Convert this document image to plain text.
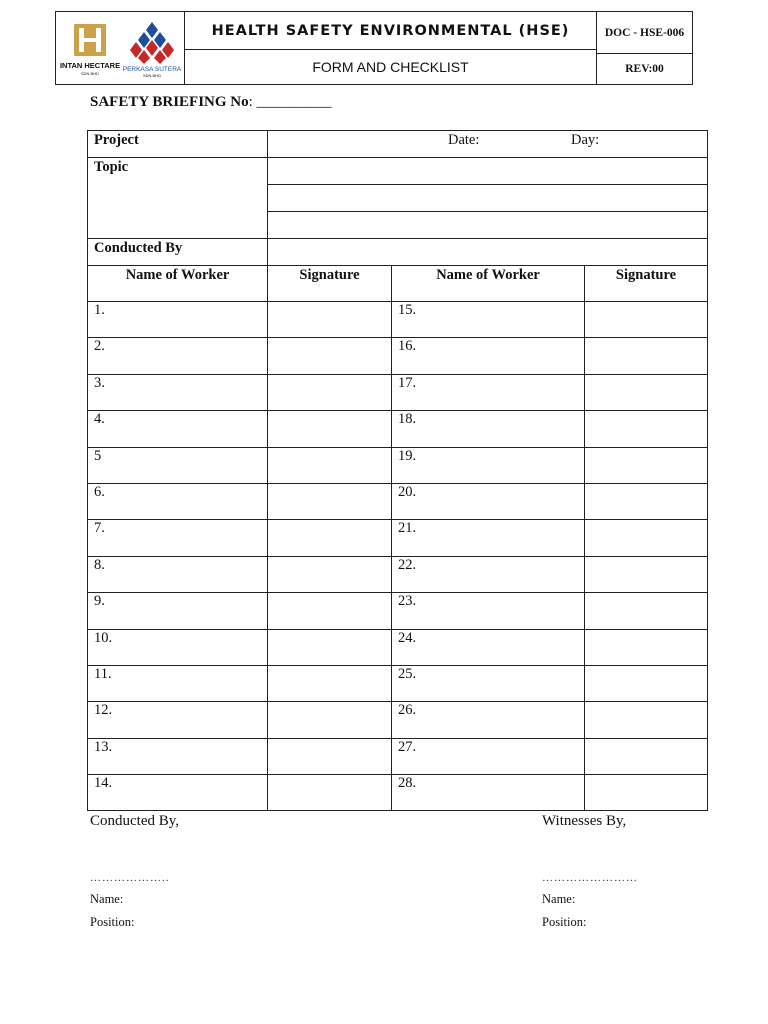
INTAN HECTARE
SDN BHD
PERKASA SUTERA
SDN BHD
HEALTH SAFETY ENVIRONMENTAL (HSE)
FORM AND CHECKLIST
DOC - HSE-006
REV:00
SAFETY BRIEFING No: __________
Project	Date: Day:		

Topic			

Conducted By			
Name of Worker	Signature	Name of Worker	Signature
1.		15.	
2.		16.	
3.		17.	
4.		18.	
5		19.	
6.		20.	
7.		21.	
8.		22.	
9.		23.	
10.		24.	
11.		25.	
12.		26.	
13.		27.	
14.		28.	
Conducted By,	Witnesses By,
………………..	……………………
Name:	Name:
Position:	Position:
